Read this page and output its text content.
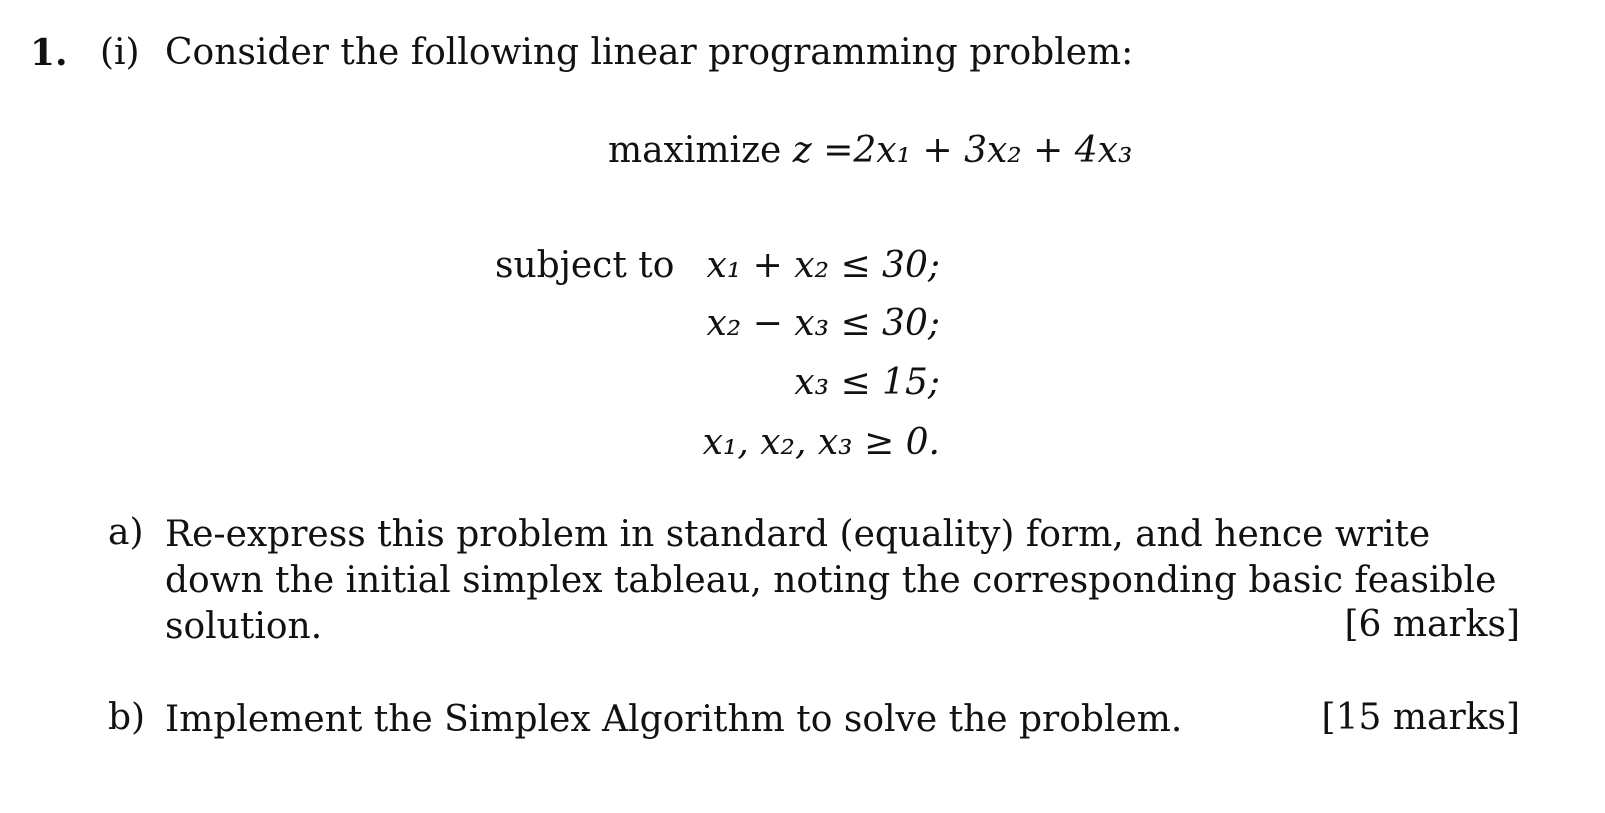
1. (i) Consider the following linear programming problem:
maximize z =2x₁ + 3x₂ + 4x₃
subject to x₁ + x₂ ≤ 30;
x₂ − x₃ ≤ 30;
x₃ ≤ 15;
x₁, x₂, x₃ ≥ 0.
a) Re-express this problem in standard (equality) form, and hence write down the initial simplex tableau, noting the corresponding basic feasible solution.	[6 marks]
b) Implement the Simplex Algorithm to solve the problem.	[15 marks]
